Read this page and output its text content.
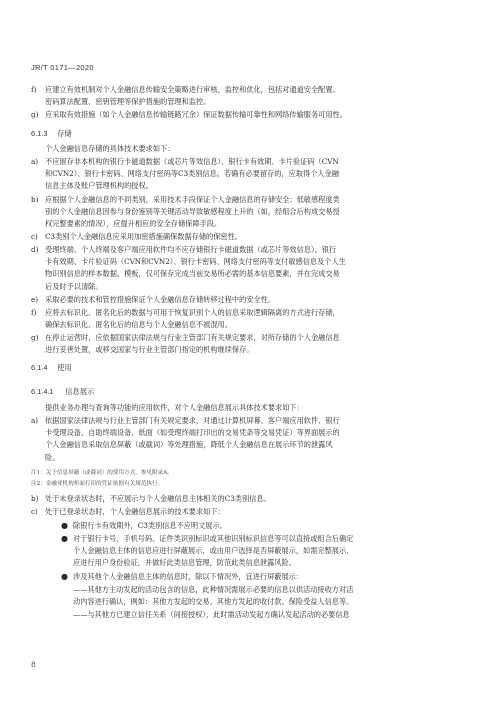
JR/T 0171—2020
f)	应建立有效机制对个人金融信息传输安全策略进行审核、监控和优化，包括对通道安全配置、
密码算法配置、密钥管理等保护措施的管理和监控。
g) 应采取有效措施（如个人金融信息传输链路冗余）保证数据传输可靠性和网络传输服务可用性。
6.1.3 存储
个人金融信息存储的具体技术要求如下：
a) 不应留存非本机构的银行卡磁道数据（或芯片等效信息）、银行卡有效期、卡片验证码（CVN
和CVN2）、银行卡密码、网络支付密码等C3类别信息。若确有必要留存的，应取得个人金融
信息主体及账户管理机构的授权。
b) 应根据个人金融信息的不同类别，采用技术手段保证个人金融信息的存储安全；低敏感程度类
别的个人金融信息因参与身份鉴别等关键活动导致敏感程度上升的（如，经组合后构成交易授
权完整要素的情况），应提升相应的安全存储保障手段。
c) C3类别个人金融信息应采用加密措施确保数据存储的保密性。
d) 受理终端、个人终端及客户端应用软件均不应存储银行卡磁道数据（或芯片等效信息）、银行
卡有效期、卡片验证码（CVN和CVN2）、银行卡密码、网络支付密码等支付敏感信息及个人生
物识别信息的样本数据、模板，仅可保存完成当前交易所必需的基本信息要素，并在完成交易
后及时予以清除。
e) 采取必要的技术和管控措施保证个人金融信息存储转移过程中的安全性。
f)	应将去标识化、匿名化后的数据与可用于恢复识别个人的信息采取逻辑隔离的方式进行存储，
确保去标识化、匿名化后的信息与个人金融信息不被混用。
g) 在停止运营时，应依据国家法律法规与行业主管部门有关规定要求，对所存储的个人金融信息
进行妥善处置，或移交国家与行业主管部门指定的机构继续保存。
6.1.4 使用
6.1.4.1 信息展示
提供业务办理与查询等功能的应用软件，对个人金融信息展示具体技术要求如下：
a) 依据国家法律法规与行业主管部门有关规定要求，对通过计算机屏幕、客户端应用软件、银行
卡受理设备、自助终端设备、纸面（如受理终端打印出的交易凭条等交易凭证）等界面展示的
个人金融信息采取信息屏蔽（或截词）等处理措施，降低个人金融信息在展示环节的泄露风
险。
注1：关于信息屏蔽（或截词）的使用方式，参见附录A。
注2：金融业机构柜面打印的凭证依据有关规范执行。
b) 处于未登录状态时，不应展示与个人金融信息主体相关的C3类别信息。
c) 处于已登录状态时，个人金融信息展示的技术要求如下：
● 除银行卡有效期外，C3类别信息不应明文展示。
● 对于银行卡号、手机号码、证件类识别标识或其他识别标识信息等可以直接或组合后确定
个人金融信息主体的信息应进行屏蔽展示，或由用户选择是否屏蔽展示，如需完整展示，
应进行用户身份验证，并做好此类信息管理，防范此类信息泄露风险。
● 涉及其他个人金融信息主体的信息时，除以下情况外，宜进行屏蔽展示：
——其他方主动发起的活动包含的信息，此种情况需展示必要的信息以供活动接收方对活
动内容进行确认，例如：其他方发起的交易、其他方发起的收付款、保险受益人信息等。
——与其他方已建立信任关系（间接授权），此时需活动发起方确认发起活动的必要信息
8
